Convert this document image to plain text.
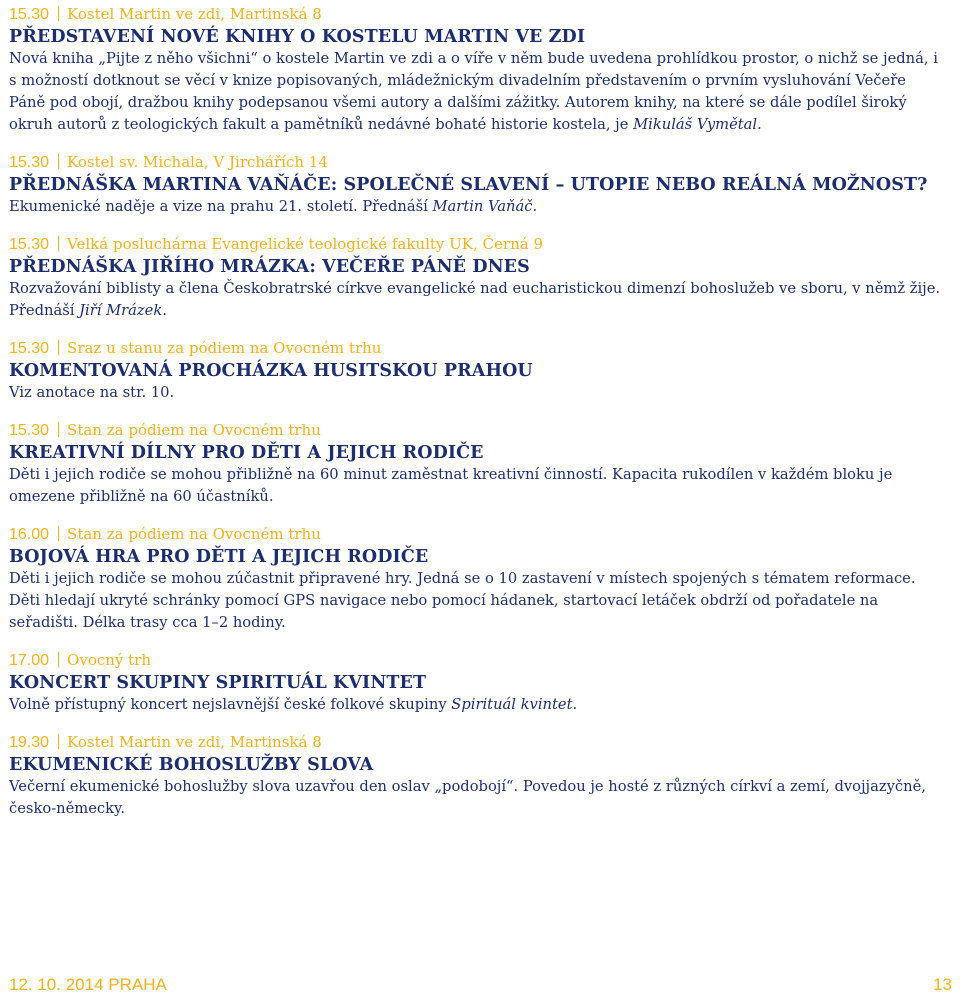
15.30 Kostel Martin ve zdi, Martinská 8
PŘEDSTAVENÍ NOVÉ KNIHY O KOSTELU MARTIN VE ZDI
Nová kniha „Pijte z něho všichni“ o kostele Martin ve zdi a o víře v něm bude uvedena prohlídkou prostor, o nichž se jedná, i s možností dotknout se věcí v knize popisovaných, mládežnickým divadelním představením o prvním vysluhování Večeře Páně pod obojí, dražbou knihy podepsanou všemi autory a dalšími zážitky. Autorem knihy, na které se dále podílel široký okruh autorů z teologických fakult a pamětníků nedávné bohaté historie kostela, je Mikuláš Vymětal.
15.30 Kostel sv. Michala, V Jirchářích 14
PŘEDNÁŠKA MARTINA VAŇÁČE: SPOLEČNÉ SLAVENÍ – UTOPIE NEBO REÁLNÁ MOŽNOST?
Ekumenické naděje a vize na prahu 21. století. Přednáší Martin Vaňáč.
15.30 Velká posluchárna Evangelické teologické fakulty UK, Černá 9
PŘEDNÁŠKA JIŘÍHO MRÁZKA: VEČEŘE PÁNĚ DNES
Rozvažování biblisty a člena Českobratrské církve evangelické nad eucharistickou dimenzí bohoslužeb ve sboru, v němž žije. Přednáší Jiří Mrázek.
15.30 Sraz u stanu za pódiem na Ovocném trhu
KOMENTOVANÁ PROCHÁZKA HUSITSKOU PRAHOU
Viz anotace na str. 10.
15.30 Stan za pódiem na Ovocném trhu
KREATIVNÍ DÍLNY PRO DĚTI A JEJICH RODIČE
Děti i jejich rodiče se mohou přibližně na 60 minut zaměstnat kreativní činností. Kapacita rukodílen v každém bloku je omezene přibližně na 60 účastníků.
16.00 Stan za pódiem na Ovocném trhu
BOJOVÁ HRA PRO DĚTI A JEJICH RODIČE
Děti i jejich rodiče se mohou zúčastnit připravené hry. Jedná se o 10 zastavení v místech spojených s tématem reformace. Děti hledají ukryté schránky pomocí GPS navigace nebo pomocí hádanek, startovací letáček obdrží od pořadatele na seřadišti. Délka trasy cca 1–2 hodiny.
17.00 Ovocný trh
KONCERT SKUPINY SPIRITUÁL KVINTET
Volně přístupný koncert nejslavnější české folkové skupiny Spirituál kvintet.
19.30 Kostel Martin ve zdi, Martinská 8
EKUMENICKÉ BOHOSLUŽBY SLOVA
Večerní ekumenické bohoslužby slova uzavřou den oslav „podobojí“. Povedou je hosté z různých církví a zemí, dvojjazyčně, česko-německy.
12. 10. 2014 PRAHA	13
